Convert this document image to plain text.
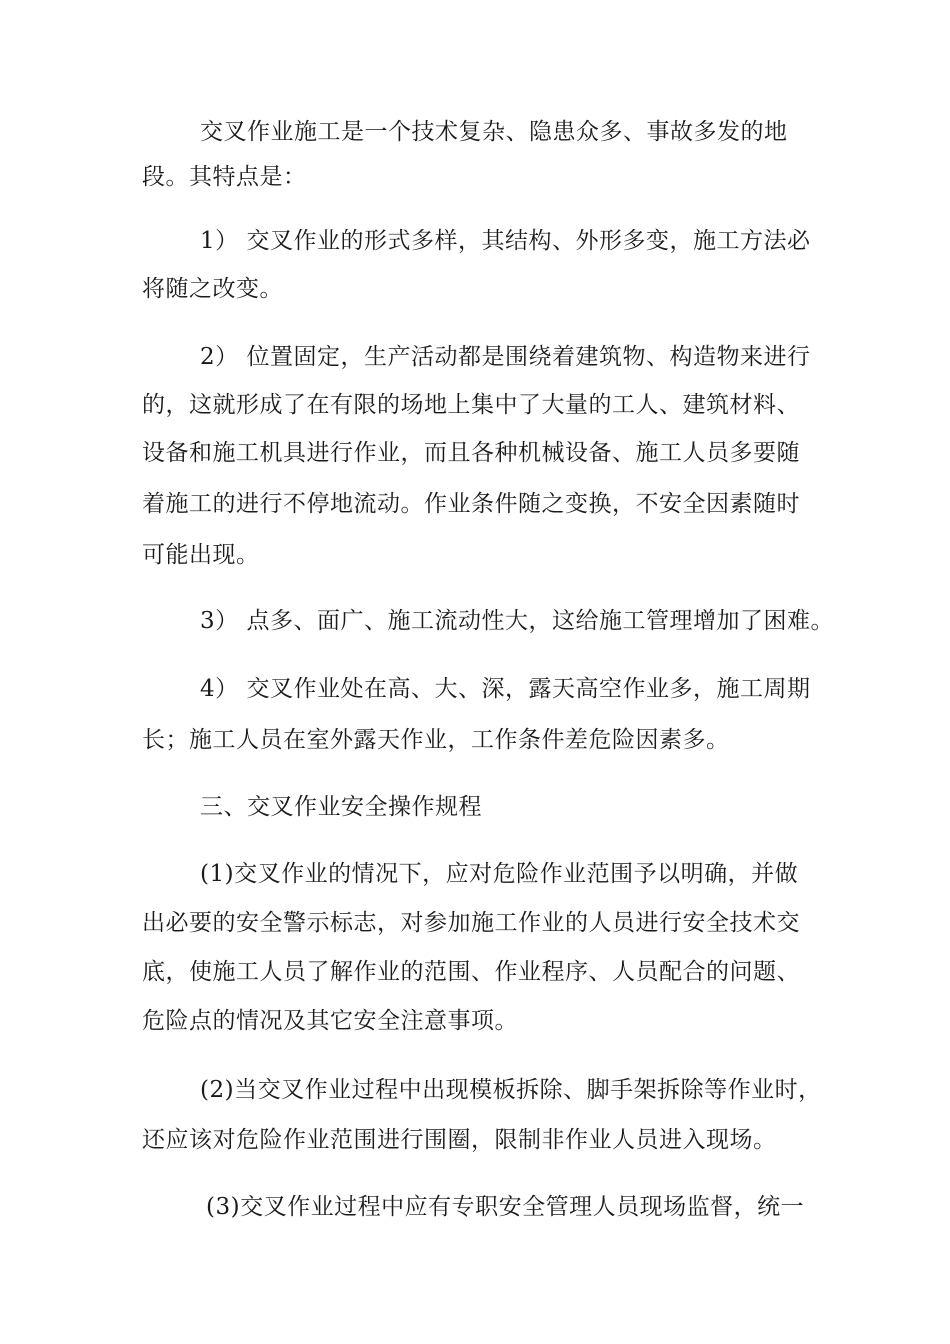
交叉作业施工是一个技术复杂、隐患众多、事故多发的地
段。其特点是：
1） 交叉作业的形式多样，其结构、外形多变，施工方法必
将随之改变。
2） 位置固定，生产活动都是围绕着建筑物、构造物来进行
的，这就形成了在有限的场地上集中了大量的工人、建筑材料、
设备和施工机具进行作业，而且各种机械设备、施工人员多要随
着施工的进行不停地流动。作业条件随之变换，不安全因素随时
可能出现。
3） 点多、面广、施工流动性大，这给施工管理增加了困难。
4） 交叉作业处在高、大、深，露天高空作业多，施工周期
长；施工人员在室外露天作业，工作条件差危险因素多。
三、交叉作业安全操作规程
(1)交叉作业的情况下，应对危险作业范围予以明确，并做
出必要的安全警示标志，对参加施工作业的人员进行安全技术交
底，使施工人员了解作业的范围、作业程序、人员配合的问题、
危险点的情况及其它安全注意事项。
(2)当交叉作业过程中出现模板拆除、脚手架拆除等作业时，
还应该对危险作业范围进行围圈，限制非作业人员进入现场。
(3)交叉作业过程中应有专职安全管理人员现场监督，统一
